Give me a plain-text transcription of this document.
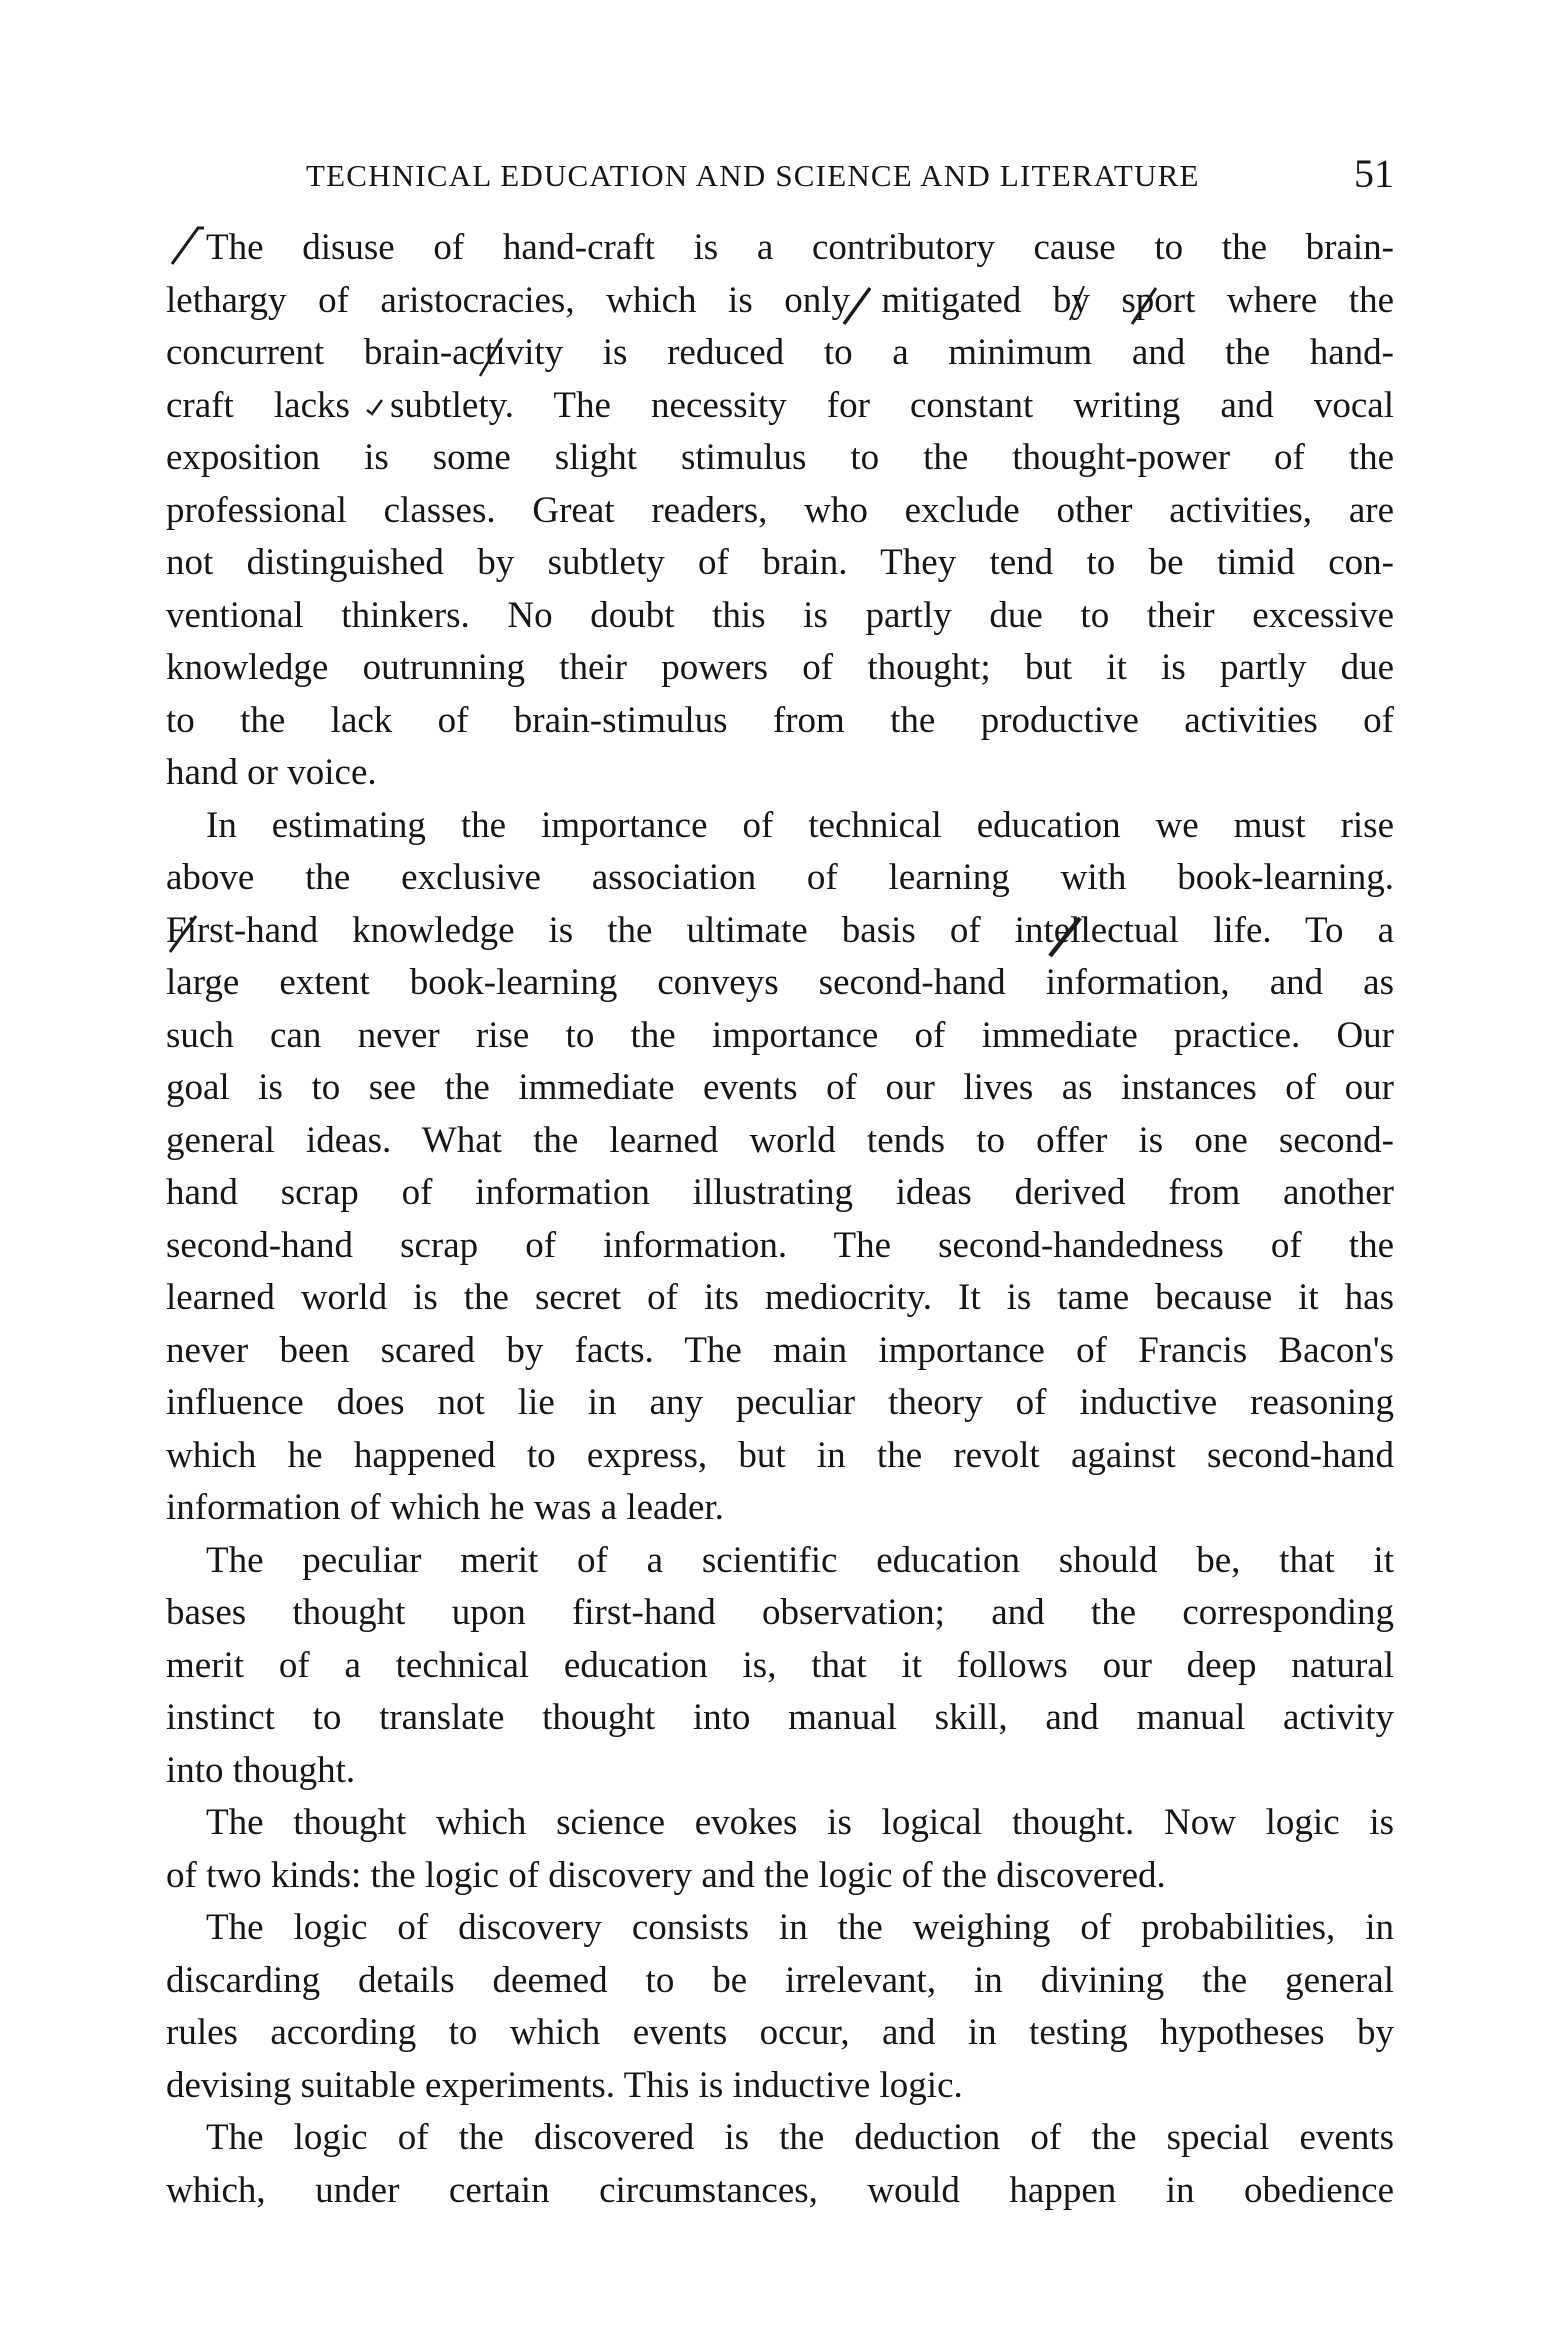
TECHNICAL EDUCATION AND SCIENCE AND LITERATURE	51
The disuse of hand-craft is a contributory cause to the brain-
lethargy of aristocracies, which is only mitigated by sport where the
concurrent brain-activity is reduced to a minimum and the hand-
craft lacks subtlety. The necessity for constant writing and vocal
exposition is some slight stimulus to the thought-power of the
professional classes. Great readers, who exclude other activities, are
not distinguished by subtlety of brain. They tend to be timid con-
ventional thinkers. No doubt this is partly due to their excessive
knowledge outrunning their powers of thought; but it is partly due
to the lack of brain-stimulus from the productive activities of
hand or voice.
In estimating the importance of technical education we must rise
above the exclusive association of learning with book-learning.
First-hand knowledge is the ultimate basis of intellectual life. To a
large extent book-learning conveys second-hand information, and as
such can never rise to the importance of immediate practice. Our
goal is to see the immediate events of our lives as instances of our
general ideas. What the learned world tends to offer is one second-
hand scrap of information illustrating ideas derived from another
second-hand scrap of information. The second-handedness of the
learned world is the secret of its mediocrity. It is tame because it has
never been scared by facts. The main importance of Francis Bacon's
influence does not lie in any peculiar theory of inductive reasoning
which he happened to express, but in the revolt against second-hand
information of which he was a leader.
The peculiar merit of a scientific education should be, that it
bases thought upon first-hand observation; and the corresponding
merit of a technical education is, that it follows our deep natural
instinct to translate thought into manual skill, and manual activity
into thought.
The thought which science evokes is logical thought. Now logic is
of two kinds: the logic of discovery and the logic of the discovered.
The logic of discovery consists in the weighing of probabilities, in
discarding details deemed to be irrelevant, in divining the general
rules according to which events occur, and in testing hypotheses by
devising suitable experiments. This is inductive logic.
The logic of the discovered is the deduction of the special events
which, under certain circumstances, would happen in obedience
